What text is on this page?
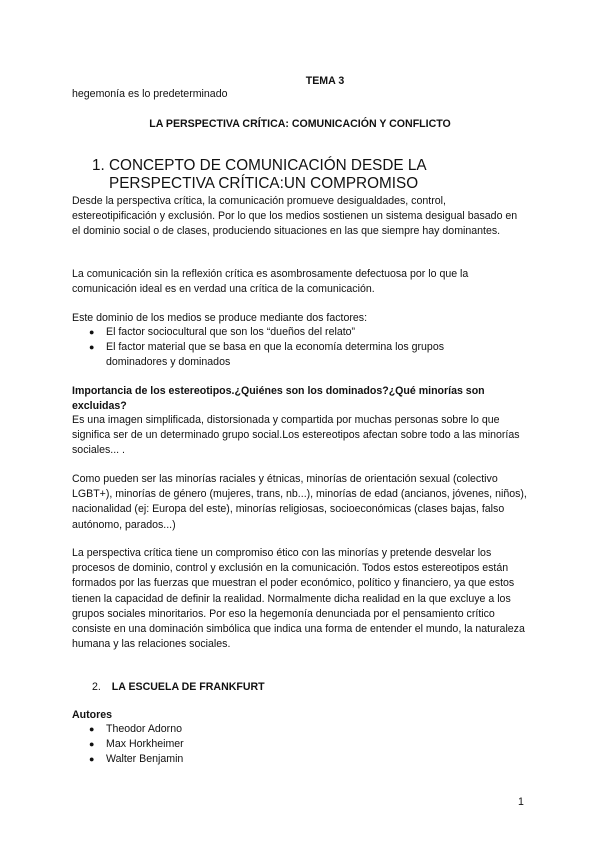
TEMA 3
hegemonía es lo predeterminado
LA PERSPECTIVA CRÍTICA: COMUNICACIÓN Y CONFLICTO
1. CONCEPTO DE COMUNICACIÓN DESDE LA PERSPECTIVA CRÍTICA:UN COMPROMISO

Desde la perspectiva crítica, la comunicación promueve desigualdades, control, estereotipificación y exclusión. Por lo que los medios sostienen un sistema desigual basado en el dominio social o de clases, produciendo situaciones en las que siempre hay dominantes.

La comunicación sin la reflexión crítica es asombrosamente defectuosa por lo que la comunicación ideal es en verdad una crítica de la comunicación.

Este dominio de los medios se produce mediante dos factores:

● El factor sociocultural que son los “dueños del relato”
● El factor material que se basa en que la economía determina los grupos dominadores y dominados

Importancia de los estereotipos.¿Quiénes son los dominados?¿Qué minorías son excluidas?

Es una imagen simplificada, distorsionada y compartida por muchas personas sobre lo que significa ser de un determinado grupo social.Los estereotipos afectan sobre todo a las minorías sociales... .

Como pueden ser las minorías raciales y étnicas, minorías de orientación sexual (colectivo LGBT+), minorías de género (mujeres, trans, nb...), minorías de edad (ancianos, jóvenes, niños), nacionalidad (ej: Europa del este), minorías religiosas, socioeconómicas (clases bajas, falso autónomo, parados...)

La perspectiva crítica tiene un compromiso ético con las minorías y pretende desvelar los procesos de dominio, control y exclusión en la comunicación. Todos estos estereotipos están formados por las fuerzas que muestran el poder económico, político y financiero, ya que estos tienen la capacidad de definir la realidad. Normalmente dicha realidad en la que excluye a los grupos sociales minoritarios. Por eso la hegemonía denunciada por el pensamiento crítico consiste en una dominación simbólica que indica una forma de entender el mundo, la naturaleza humana y las relaciones sociales.

2. LA ESCUELA DE FRANKFURT

Autores

● Theodor Adorno
● Max Horkheimer
● Walter Benjamin
1
